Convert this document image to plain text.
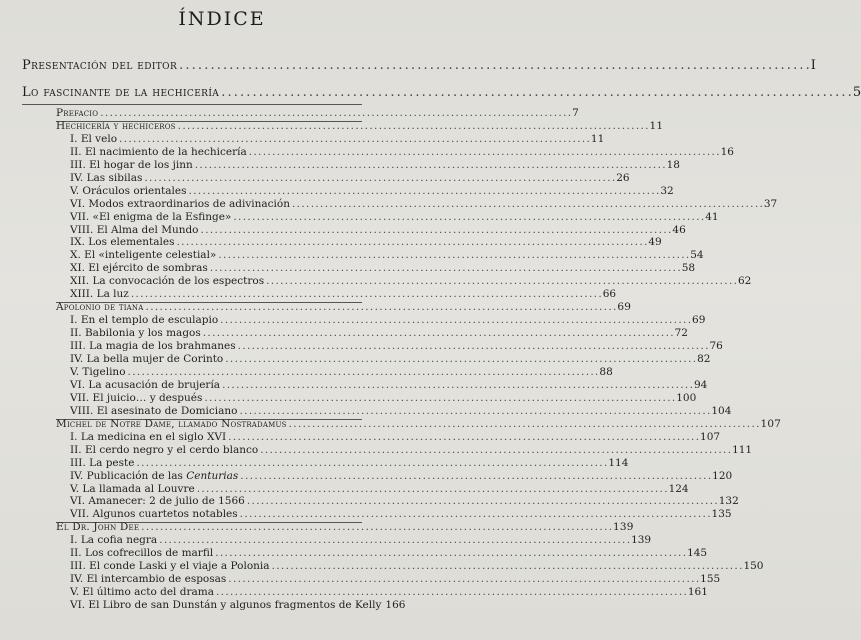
ÍNDICE
Presentación del editor . . .	I
Lo fascinante de la hechicería . . .	5
Prefacio . . .	7
Hechicería y hechiceros . . .	11
I. El velo . . .	11
II. El nacimiento de la hechicería . . .	16
III. El hogar de los jinn . . .	18
IV. Las sibilas . . .	26
V. Oráculos orientales . . .	32
VI. Modos extraordinarios de adivinación . . .	37
VII. «El enigma de la Esfinge» . . .	41
VIII. El Alma del Mundo . . .	46
IX. Los elementales . . .	49
X. El «inteligente celestial» . . .	54
XI. El ejército de sombras . . .	58
XII. La convocación de los espectros . . .	62
XIII. La luz . . .	66
Apolonio de tiana . . .	69
I. En el templo de esculapio . . .	69
II. Babilonia y los magos . . .	72
III. La magia de los brahmanes . . .	76
IV. La bella mujer de Corinto . . .	82
V. Tigelino . . .	88
VI. La acusación de brujería . . .	94
VII. El juicio… y después . . .	100
VIII. El asesinato de Domiciano . . .	104
Michel de Notre Dame, llamado Nostradamus . . .	107
I. La medicina en el siglo XVI . . .	107
II. El cerdo negro y el cerdo blanco . . .	111
III. La peste . . .	114
IV. Publicación de las Centurias . . .	120
V. La llamada al Louvre . . .	124
VI. Amanecer: 2 de julio de 1566 . . .	132
VII. Algunos cuartetos notables . . .	135
El Dr. John Dee . . .	139
I. La cofia negra . . .	139
II. Los cofrecillos de marfil . . .	145
III. El conde Laski y el viaje a Polonia . . .	150
IV. El intercambio de esposas . . .	155
V. El último acto del drama . . .	161
VI. El Libro de san Dunstán y algunos fragmentos de Kelly 166
